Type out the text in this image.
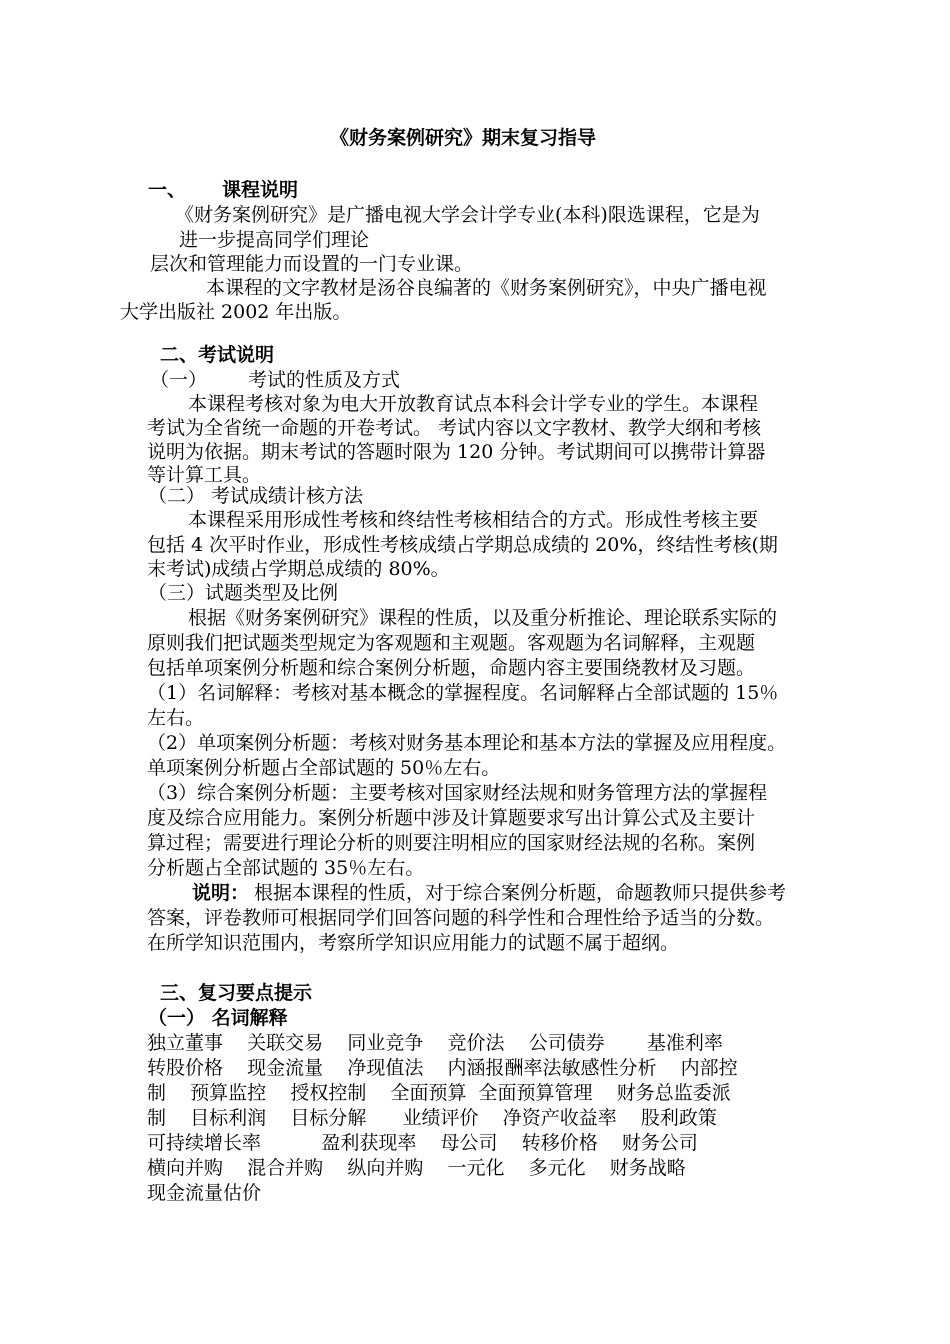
《财务案例研究》期末复习指导
一、 课程说明
《财务案例研究》是广播电视大学会计学专业(本科)限选课程，它是为
进一步提高同学们理论
层次和管理能力而设置的一门专业课。
本课程的文字教材是汤谷良编著的《财务案例研究》，中央广播电视
大学出版社 2002 年出版。
二、考试说明
（一） 考试的性质及方式
本课程考核对象为电大开放教育试点本科会计学专业的学生。本课程
考试为全省统一命题的开卷考试。 考试内容以文字教材、教学大纲和考核
说明为依据。期末考试的答题时限为 120 分钟。考试期间可以携带计算器
等计算工具。
（二） 考试成绩计核方法
本课程采用形成性考核和终结性考核相结合的方式。形成性考核主要
包括 4 次平时作业，形成性考核成绩占学期总成绩的 20%，终结性考核(期
末考试)成绩占学期总成绩的 80%。
（三）试题类型及比例
根据《财务案例研究》课程的性质，以及重分析推论、理论联系实际的
原则我们把试题类型规定为客观题和主观题。客观题为名词解释，主观题
包括单项案例分析题和综合案例分析题，命题内容主要围绕教材及习题。
（1）名词解释：考核对基本概念的掌握程度。名词解释占全部试题的 15％
左右。
（2）单项案例分析题：考核对财务基本理论和基本方法的掌握及应用程度。
单项案例分析题占全部试题的 50％左右。
（3）综合案例分析题：主要考核对国家财经法规和财务管理方法的掌握程
度及综合应用能力。案例分析题中涉及计算题要求写出计算公式及主要计
算过程；需要进行理论分析的则要注明相应的国家财经法规的名称。案例
分析题占全部试题的 35％左右。
说明： 根据本课程的性质，对于综合案例分析题，命题教师只提供参考
答案，评卷教师可根据同学们回答问题的科学性和合理性给予适当的分数。
在所学知识范围内，考察所学知识应用能力的试题不属于超纲。
三、复习要点提示
（一） 名词解释
独立董事    关联交易    同业竞争    竞价法    公司债券       基准利率
转股价格    现金流量    净现值法    内涵报酬率法敏感性分析    内部控
制    预算监控    授权控制    全面预算  全面预算管理    财务总监委派
制    目标利润    目标分解      业绩评价    净资产收益率    股利政策
可持续增长率          盈利获现率    母公司    转移价格    财务公司
横向并购    混合并购    纵向并购    一元化    多元化    财务战略
现金流量估价
